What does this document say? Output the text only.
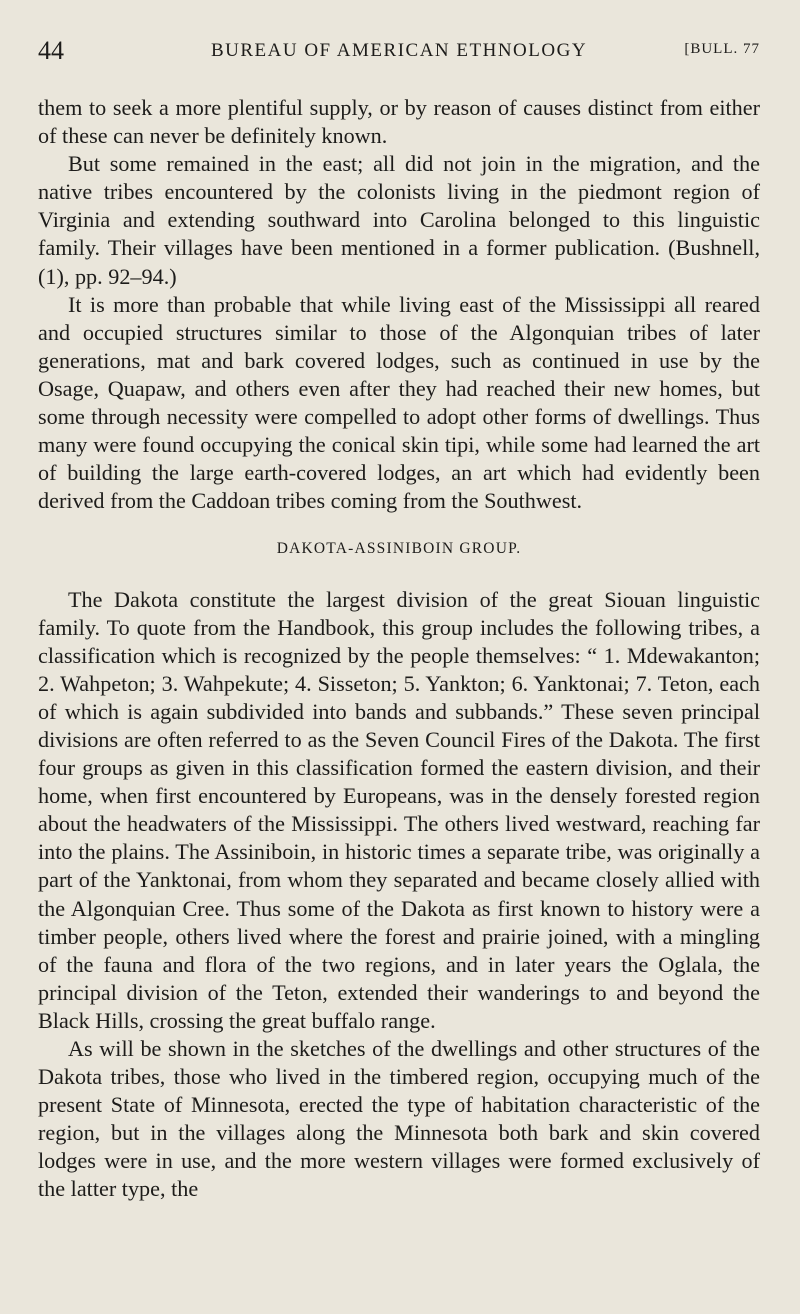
44	BUREAU OF AMERICAN ETHNOLOGY	[BULL. 77

them to seek a more plentiful supply, or by reason of causes distinct from either of these can never be definitely known.

But some remained in the east; all did not join in the migration, and the native tribes encountered by the colonists living in the piedmont region of Virginia and extending southward into Carolina belonged to this linguistic family. Their villages have been mentioned in a former publication. (Bushnell, (1), pp. 92–94.)

It is more than probable that while living east of the Mississippi all reared and occupied structures similar to those of the Algonquian tribes of later generations, mat and bark covered lodges, such as continued in use by the Osage, Quapaw, and others even after they had reached their new homes, but some through necessity were compelled to adopt other forms of dwellings. Thus many were found occupying the conical skin tipi, while some had learned the art of building the large earth-covered lodges, an art which had evidently been derived from the Caddoan tribes coming from the Southwest.

DAKOTA-ASSINIBOIN GROUP.

The Dakota constitute the largest division of the great Siouan linguistic family. To quote from the Handbook, this group includes the following tribes, a classification which is recognized by the people themselves: “ 1. Mdewakanton; 2. Wahpeton; 3. Wahpekute; 4. Sisseton; 5. Yankton; 6. Yanktonai; 7. Teton, each of which is again subdivided into bands and subbands.” These seven principal divisions are often referred to as the Seven Council Fires of the Dakota. The first four groups as given in this classification formed the eastern division, and their home, when first encountered by Europeans, was in the densely forested region about the headwaters of the Mississippi. The others lived westward, reaching far into the plains. The Assiniboin, in historic times a separate tribe, was originally a part of the Yanktonai, from whom they separated and became closely allied with the Algonquian Cree. Thus some of the Dakota as first known to history were a timber people, others lived where the forest and prairie joined, with a mingling of the fauna and flora of the two regions, and in later years the Oglala, the principal division of the Teton, extended their wanderings to and beyond the Black Hills, crossing the great buffalo range.

As will be shown in the sketches of the dwellings and other structures of the Dakota tribes, those who lived in the timbered region, occupying much of the present State of Minnesota, erected the type of habitation characteristic of the region, but in the villages along the Minnesota both bark and skin covered lodges were in use, and the more western villages were formed exclusively of the latter type, the
